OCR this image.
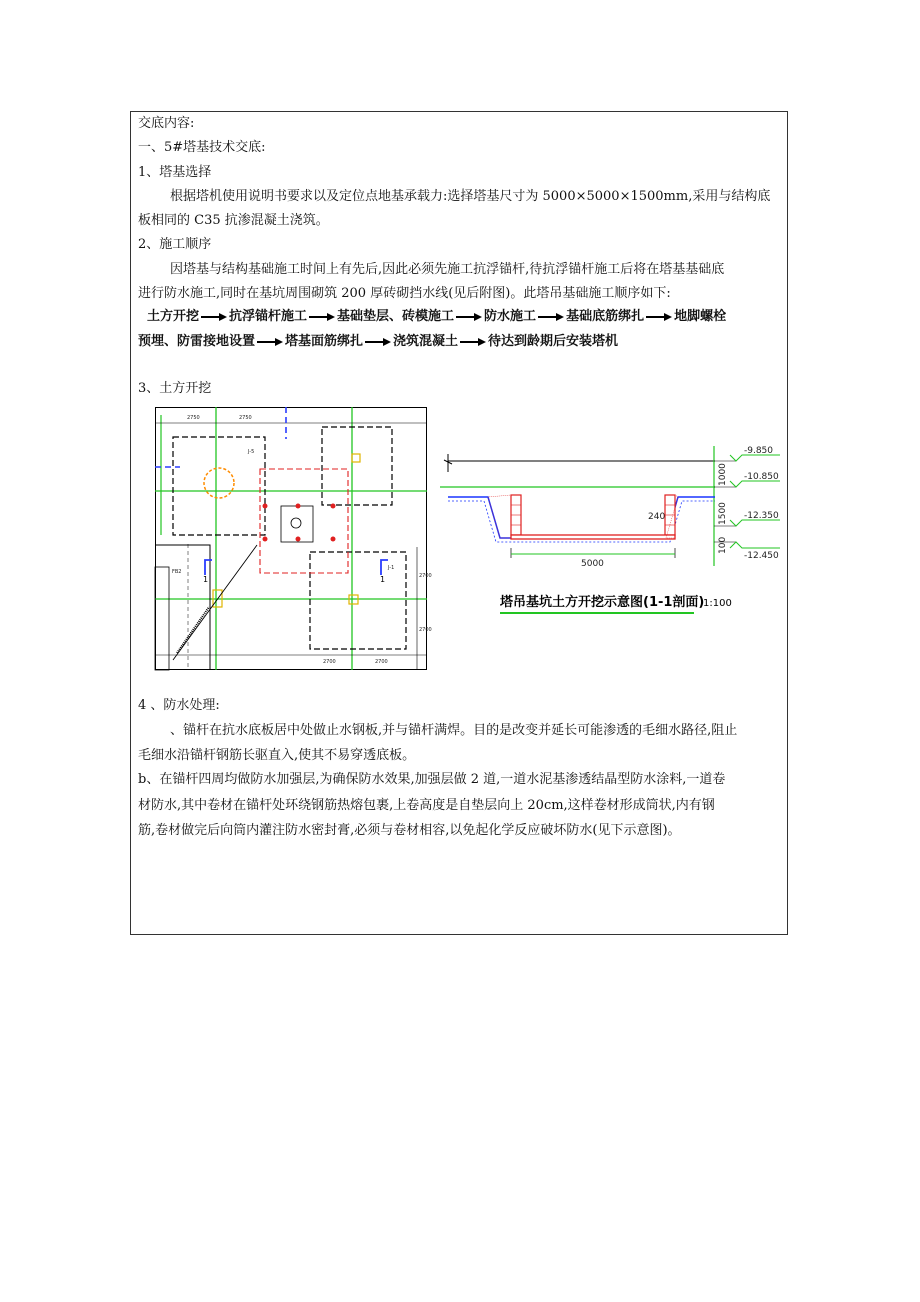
交底内容:
一、5#塔基技术交底:
1、塔基选择
根据塔机使用说明书要求以及定位点地基承载力:选择塔基尺寸为 5000×5000×1500mm,采用与结构底
板相同的 C35 抗渗混凝土浇筑。
2、施工顺序
因塔基与结构基础施工时间上有先后,因此必须先施工抗浮锚杆,待抗浮锚杆施工后将在塔基基础底
进行防水施工,同时在基坑周围砌筑 200 厚砖砌挡水线(见后附图)。此塔吊基础施工顺序如下:
土方开挖 抗浮锚杆施工 基础垫层、砖模施工 防水施工 基础底筋绑扎 地脚螺栓
预埋、防雷接地设置 塔基面筋绑扎 浇筑混凝土 待达到龄期后安装塔机
3、土方开挖
2750	2750
2700	2700
2700
2700
1	1
J-5
J-1
FB2
5000
240
1000
1500
100
-9.850
-10.850
-12.350
-12.450
塔吊基坑土方开挖示意图(1-1剖面)
1:100
4 、防水处理:
、锚杆在抗水底板居中处做止水钢板,并与锚杆满焊。目的是改变并延长可能渗透的毛细水路径,阻止
毛细水沿锚杆钢筋长驱直入,使其不易穿透底板。
b、在锚杆四周均做防水加强层,为确保防水效果,加强层做 2 道,一道水泥基渗透结晶型防水涂料,一道卷
材防水,其中卷材在锚杆处环绕钢筋热熔包裹,上卷高度是自垫层向上 20cm,这样卷材形成筒状,内有钢
筋,卷材做完后向筒内灌注防水密封膏,必须与卷材相容,以免起化学反应破坏防水(见下示意图)。
